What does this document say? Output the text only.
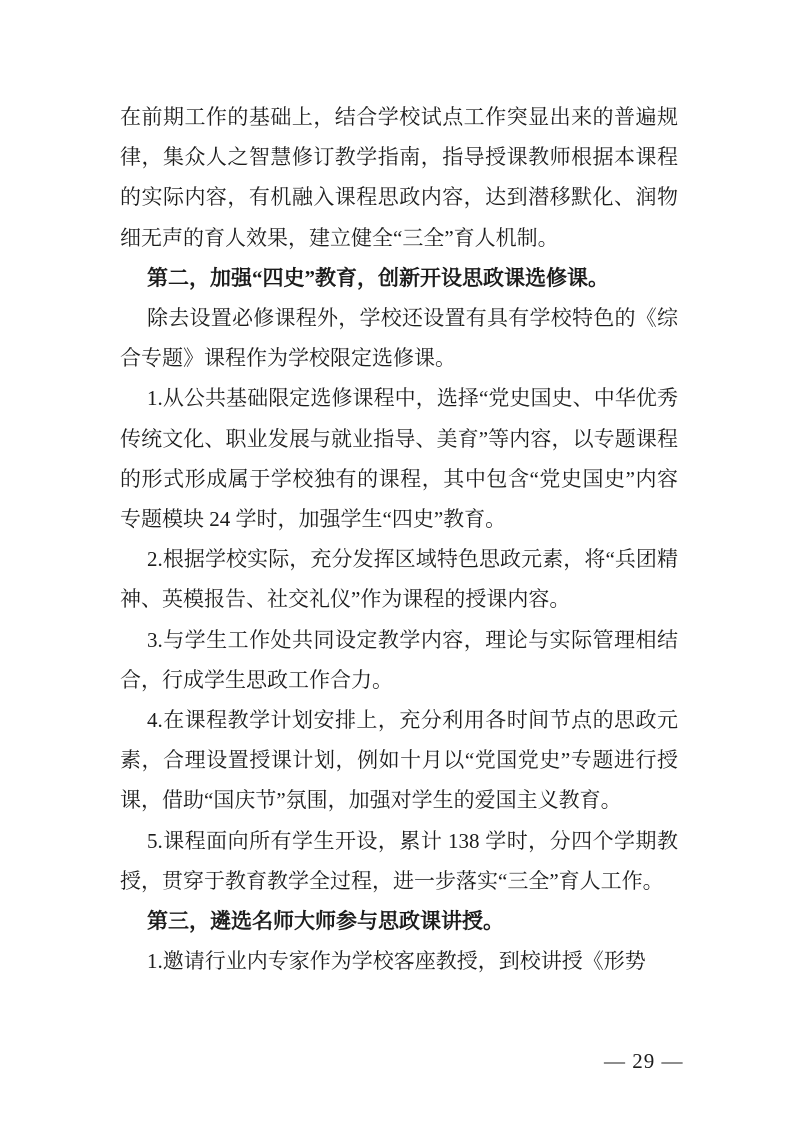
在前期工作的基础上，结合学校试点工作突显出来的普遍规律，集众人之智慧修订教学指南，指导授课教师根据本课程的实际内容，有机融入课程思政内容，达到潜移默化、润物细无声的育人效果，建立健全“三全”育人机制。

第二，加强“四史”教育，创新开设思政课选修课。

除去设置必修课程外，学校还设置有具有学校特色的《综合专题》课程作为学校限定选修课。

1.从公共基础限定选修课程中，选择“党史国史、中华优秀传统文化、职业发展与就业指导、美育”等内容，以专题课程的形式形成属于学校独有的课程，其中包含“党史国史”内容专题模块 24 学时，加强学生“四史”教育。

2.根据学校实际，充分发挥区域特色思政元素，将“兵团精神、英模报告、社交礼仪”作为课程的授课内容。

3.与学生工作处共同设定教学内容，理论与实际管理相结合，行成学生思政工作合力。

4.在课程教学计划安排上，充分利用各时间节点的思政元素，合理设置授课计划，例如十月以“党国党史”专题进行授课，借助“国庆节”氛围，加强对学生的爱国主义教育。

5.课程面向所有学生开设，累计 138 学时，分四个学期教授，贯穿于教育教学全过程，进一步落实“三全”育人工作。

第三，遴选名师大师参与思政课讲授。

1.邀请行业内专家作为学校客座教授，到校讲授《形势

— 29 —
